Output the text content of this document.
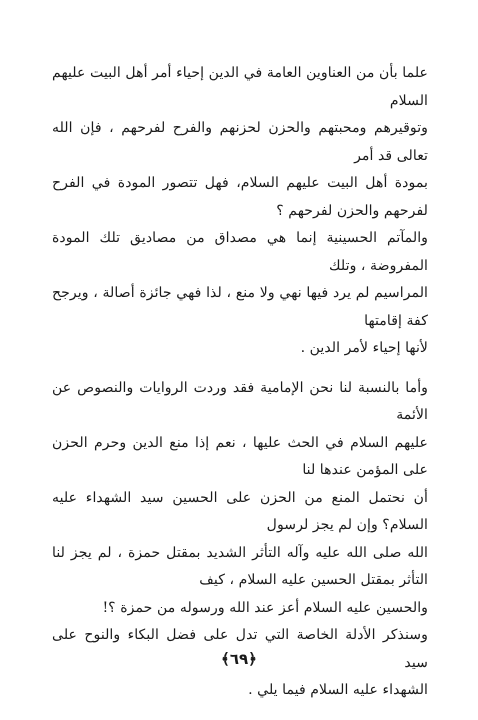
علما بأن من العناوين العامة في الدين إحياء أمر أهل البيت عليهم السلام
وتوقيرهم ومحبتهم والحزن لحزنهم والفرح لفرحهم ، فإن الله تعالى قد أمر
بمودة أهل البيت عليهم السلام، فهل تتصور المودة في الفرح لفرحهم والحزن لفرحهم ؟

والمآتم الحسينية إنما هي مصداق من مصاديق تلك المودة المفروضة ، وتلك
المراسيم لم يرد فيها نهي ولا منع ، لذا فهي جائزة أصالة ، ويرجح كفة إقامتها
لأنها إحياء لأمر الدين .

وأما بالنسبة لنا نحن الإمامية فقد وردت الروايات والنصوص عن الأئمة
عليهم السلام في الحث عليها ، نعم إذا منع الدين وحرم الحزن على المؤمن عندها لنا
أن نحتمل المنع من الحزن على الحسين سيد الشهداء عليه السلام؟ وإن لم يجز لرسول
الله صلى الله عليه وآله التأثر الشديد بمقتل حمزة ، لم يجز لنا التأثر بمقتل الحسين عليه السلام ، كيف
والحسين عليه السلام أعز عند الله ورسوله من حمزة ؟!

وسنذكر الأدلة الخاصة التي تدل على فضل البكاء والنوح على سيد
الشهداء عليه السلام فيما يلي .

﴿٦٩﴾
